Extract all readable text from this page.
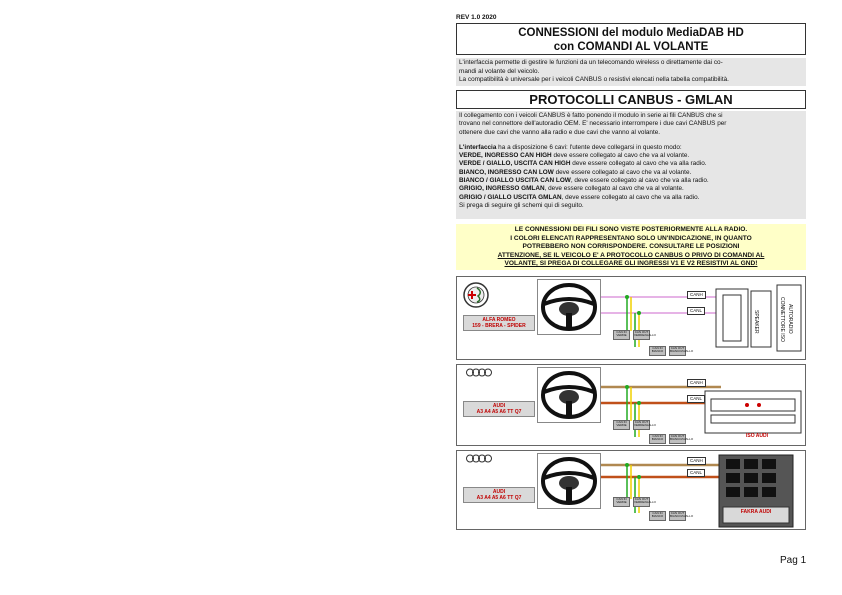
REV 1.0 2020
CONNESSIONI del modulo MediaDAB HD
con COMANDI AL VOLANTE
L'interfaccia permette di gestire le funzioni da un telecomando wireless o direttamente dai co-
mandi al volante del veicolo.
La compatibilità è universale per i veicoli CANBUS o resistivi elencati nella tabella compatibilità.
PROTOCOLLI CANBUS - GMLAN

Il collegamento con i veicoli CANBUS è fatto ponendo il modulo in serie ai fili CANBUS che si

trovano nel connettore dell'autoradio OEM. E' necessario interrompere i due cavi CANBUS per

ottenere due cavi che vanno alla radio e due cavi che vanno al volante.

L'interfaccia ha a disposizione 6 cavi: l'utente deve collegarsi in questo modo:

VERDE, INGRESSO CAN HIGH deve essere collegato al cavo che va al volante.

VERDE / GIALLO, USCITA CAN HIGH deve essere collegato al cavo che va alla radio.

BIANCO, INGRESSO CAN LOW deve essere collegato al cavo che va al volante.

BIANCO / GIALLO USCITA CAN LOW, deve essere collegato al cavo che va alla radio.

GRIGIO, INGRESSO GMLAN, deve essere collegato al cavo che va al volante.

GRIGIO / GIALLO USCITA GMLAN, deve essere collegato al cavo che va alla radio.

Si prega di seguire gli schemi qui di seguito.

LE CONNESSIONI DEI FILI SONO VISTE POSTERIORMENTE ALLA RADIO.
I COLORI ELENCATI RAPPRESENTANO SOLO UN'INDICAZIONE, IN QUANTO
POTREBBERO NON CORRISPONDERE. CONSULTARE LE POSIZIONI
ATTENZIONE, SE IL VEICOLO E' A PROTOCOLLO CANBUS O PRIVO DI COMANDI AL
VOLANTE, SI PREGA DI COLLEGARE GLI INGRESSI V1 E V2 RESISTIVI AL GND!
ALFA ROMEO
159 - BRERA - SPIDER
CANH
CANL	SPEAKER	AUTORADIO
CONNETTORE ISO
CAN IN VERDE
CAN OUT VERDE/GIALLO
CAN IN BIANCO
CAN OUT BIANCO/GIALLO
AUDI
A3 A4 A5 A6 TT Q7
CANH
CANL
ISO AUDI
CAN IN VERDE
CAN OUT VERDE/GIALLO
CAN IN BIANCO
CAN OUT BIANCO/GIALLO
AUDI
A3 A4 A5 A6 TT Q7
CANH
CANL
FAKRA AUDI
CAN IN VERDE
CAN OUT VERDE/GIALLO
CAN IN BIANCO
CAN OUT BIANCO/GIALLO
Pag 1
